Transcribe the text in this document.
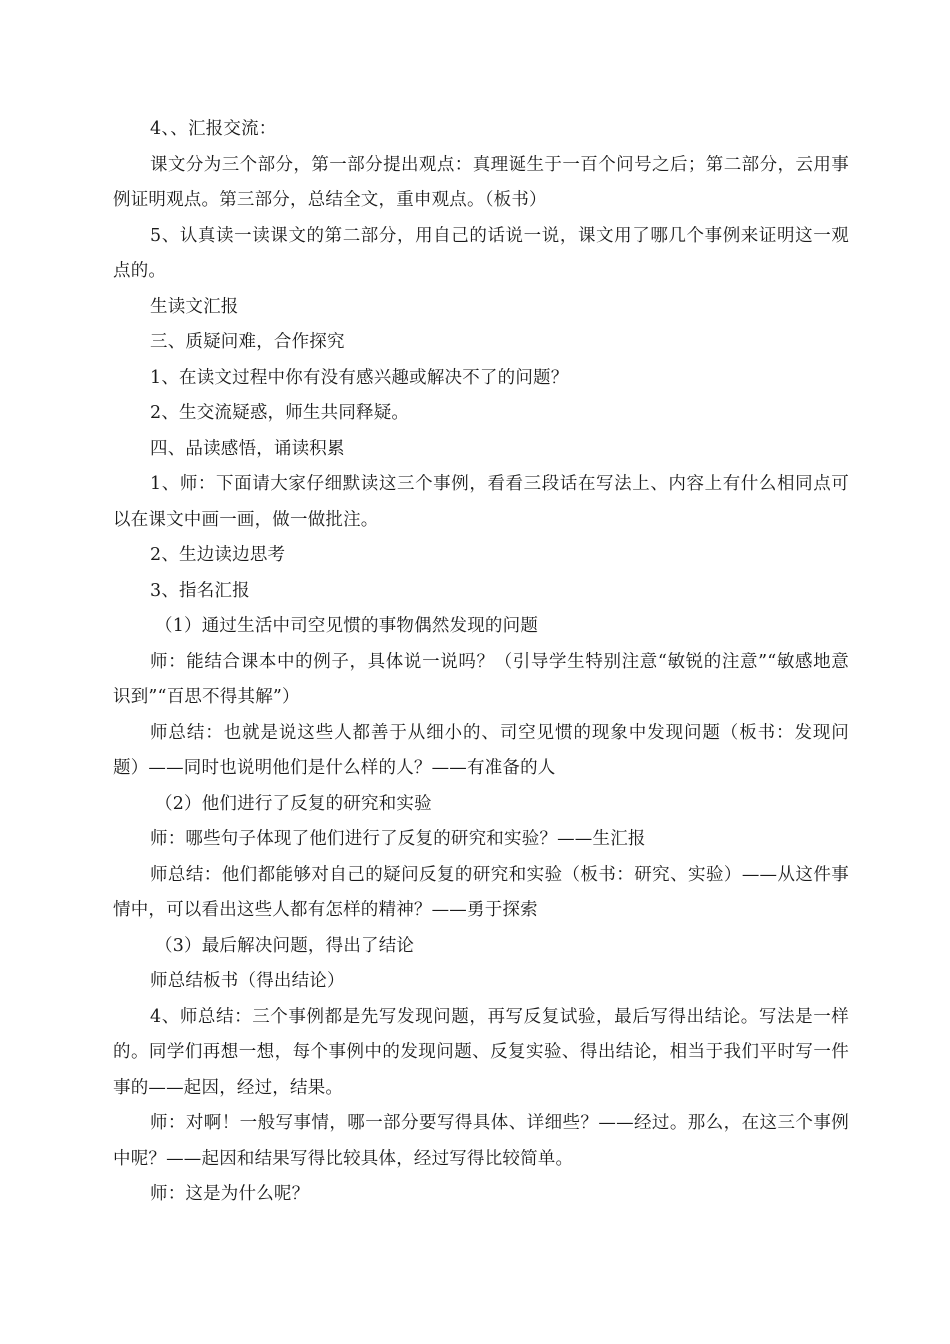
4、、汇报交流：

课文分为三个部分，第一部分提出观点：真理诞生于一百个问号之后；第二部分，云用事例证明观点。第三部分，总结全文，重申观点。（板书）

5、认真读一读课文的第二部分，用自己的话说一说，课文用了哪几个事例来证明这一观点的。

生读文汇报

三、质疑问难，合作探究

1、在读文过程中你有没有感兴趣或解决不了的问题？

2、生交流疑惑，师生共同释疑。

四、品读感悟，诵读积累

1、师：下面请大家仔细默读这三个事例，看看三段话在写法上、内容上有什么相同点可以在课文中画一画，做一做批注。

2、生边读边思考

3、指名汇报

（1）通过生活中司空见惯的事物偶然发现的问题

师：能结合课本中的例子，具体说一说吗？（引导学生特别注意“敏锐的注意”“敏感地意识到”“百思不得其解”）

师总结：也就是说这些人都善于从细小的、司空见惯的现象中发现问题（板书：发现问题）——同时也说明他们是什么样的人？——有准备的人

（2）他们进行了反复的研究和实验

师：哪些句子体现了他们进行了反复的研究和实验？——生汇报

师总结：他们都能够对自己的疑问反复的研究和实验（板书：研究、实验）——从这件事情中，可以看出这些人都有怎样的精神？——勇于探索

（3）最后解决问题，得出了结论

师总结板书（得出结论）

4、师总结：三个事例都是先写发现问题，再写反复试验，最后写得出结论。写法是一样的。同学们再想一想，每个事例中的发现问题、反复实验、得出结论，相当于我们平时写一件事的——起因，经过，结果。

师：对啊！一般写事情，哪一部分要写得具体、详细些？——经过。那么，在这三个事例中呢？——起因和结果写得比较具体，经过写得比较简单。

师：这是为什么呢？
